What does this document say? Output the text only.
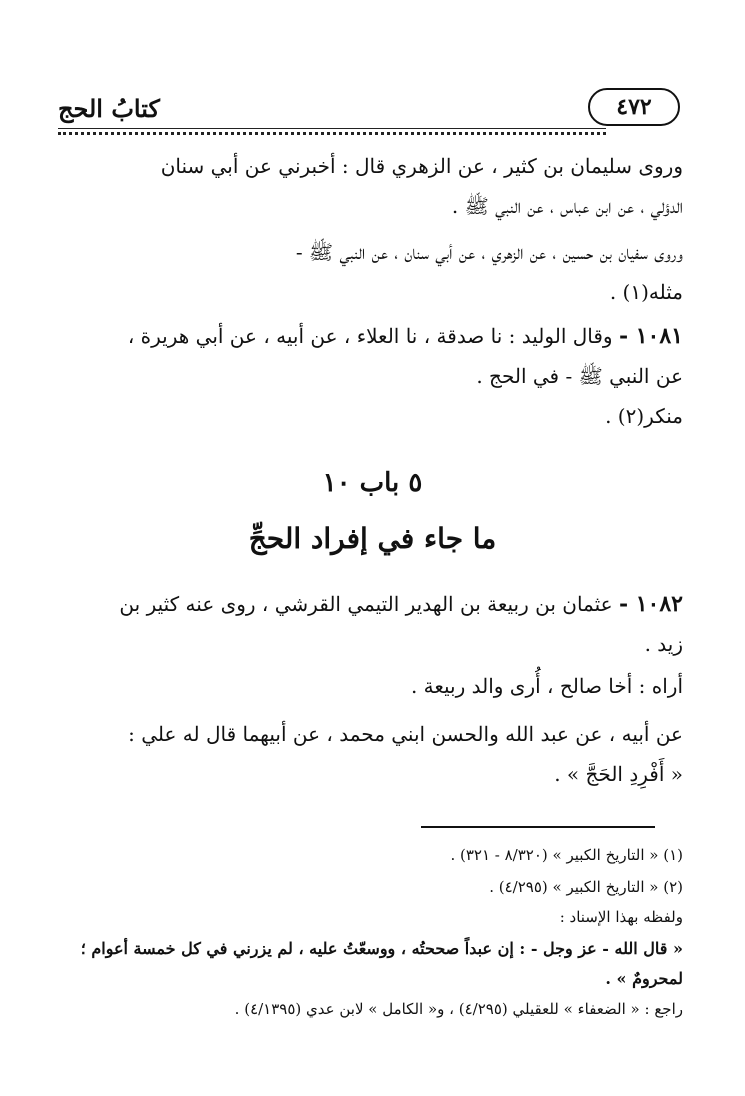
٤٧٢
كتابُ الحج
وروى سليمان بن كثير ، عن الزهري قال : أخبرني عن أبي سنان
الدؤلي ، عن ابن عباس ، عن النبي ﷺ .
وروى سفيان بن حسين ، عن الزهري ، عن أبي سنان ، عن النبي ﷺ -
مثله(١) .
١٠٨١ - وقال الوليد : نا صدقة ، نا العلاء ، عن أبيه ، عن أبي هريرة ،
عن النبي ﷺ - في الحج .
منكر(٢) .
٥ باب ١٠
ما جاء في إفراد الحجِّ
١٠٨٢ - عثمان بن ربيعة بن الهدير التيمي القرشي ، روى عنه كثير بن
زيد .
أراه : أخا صالح ، أُرى والد ربيعة .
عن أبيه ، عن عبد الله والحسن ابني محمد ، عن أبيهما قال له علي :
« أَفْرِدِ الحَجَّ » .
(١) « التاريخ الكبير » (٨/٣٢٠ - ٣٢١) .
(٢) « التاريخ الكبير » (٤/٢٩٥) .
ولفظه بهذا الإسناد :
« قال الله - عز وجل - : إن عبداً صححتُه ، ووسعّتُ عليه ، لم يزرني في كل خمسة أعوام ؛
لمحرومٌ » .
راجع : « الضعفاء » للعقيلي (٤/٢٩٥) ، و« الكامل » لابن عدي (٤/١٣٩٥) .
